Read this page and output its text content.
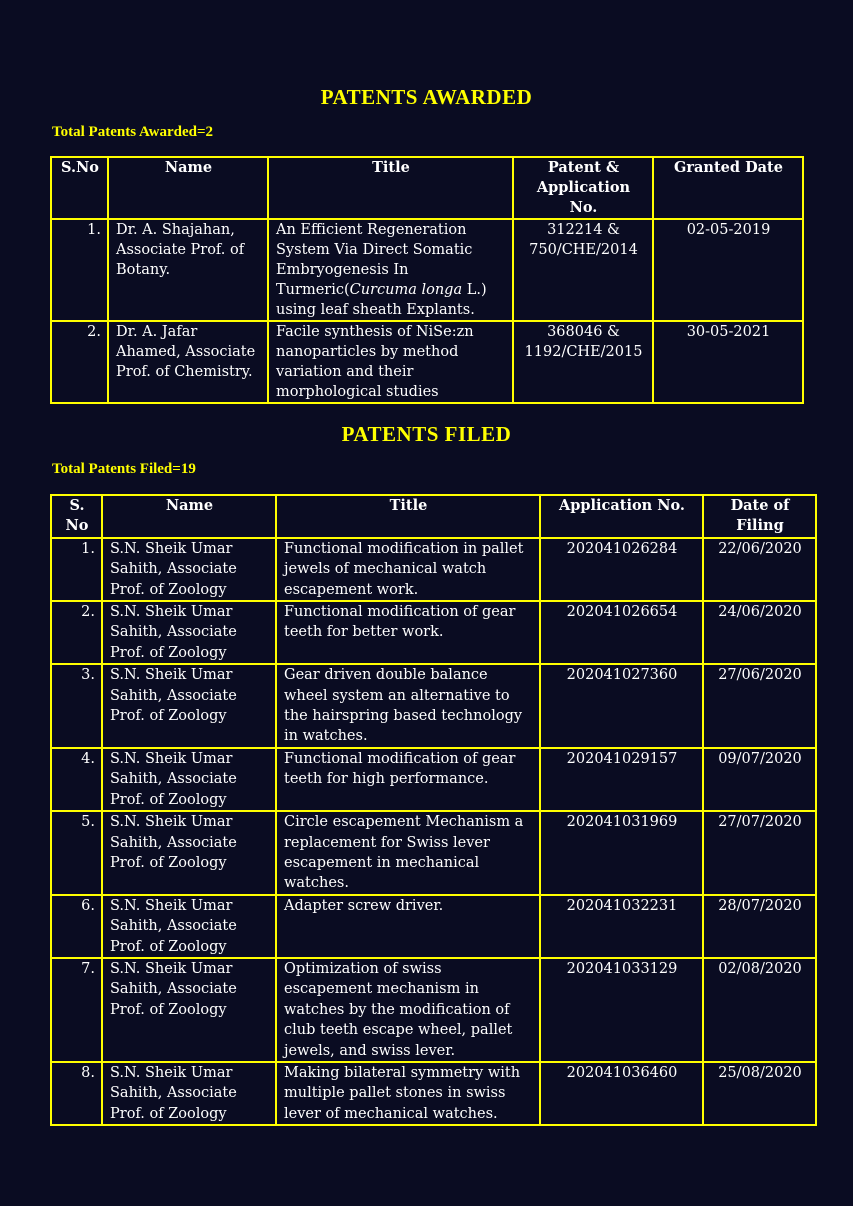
PATENTS AWARDED
Total Patents Awarded=2
S.No	Name	Title	Patent & Application No.	Granted Date
1.	Dr. A. Shajahan, Associate Prof. of Botany.	An Efficient Regeneration System Via Direct Somatic Embryogenesis In Turmeric(Curcuma longa L.) using leaf sheath Explants.	312214 & 750/CHE/2014	02-05-2019
2.	Dr. A. Jafar Ahamed, Associate Prof. of Chemistry.	Facile synthesis of NiSe:zn nanoparticles by method variation and their morphological studies	368046 & 1192/CHE/2015	30-05-2021
PATENTS FILED
Total Patents Filed=19
S. No	Name	Title	Application No.	Date of Filing
1.	S.N. Sheik Umar Sahith, Associate Prof. of Zoology	Functional modification in pallet jewels of mechanical watch escapement work.	202041026284	22/06/2020
2.	S.N. Sheik Umar Sahith, Associate Prof. of Zoology	Functional modification of gear teeth for better work.	202041026654	24/06/2020
3.	S.N. Sheik Umar Sahith, Associate Prof. of Zoology	Gear driven double balance wheel system an alternative to the hairspring based technology in watches.	202041027360	27/06/2020
4.	S.N. Sheik Umar Sahith, Associate Prof. of Zoology	Functional modification of gear teeth for high performance.	202041029157	09/07/2020
5.	S.N. Sheik Umar Sahith, Associate Prof. of Zoology	Circle escapement Mechanism a replacement for Swiss lever escapement in mechanical watches.	202041031969	27/07/2020
6.	S.N. Sheik Umar Sahith, Associate Prof. of Zoology	Adapter screw driver.	202041032231	28/07/2020
7.	S.N. Sheik Umar Sahith, Associate Prof. of Zoology	Optimization of swiss escapement mechanism in watches by the modification of club teeth escape wheel, pallet jewels, and swiss lever.	202041033129	02/08/2020
8.	S.N. Sheik Umar Sahith, Associate Prof. of Zoology	Making bilateral symmetry with multiple pallet stones in swiss lever of mechanical watches.	202041036460	25/08/2020
